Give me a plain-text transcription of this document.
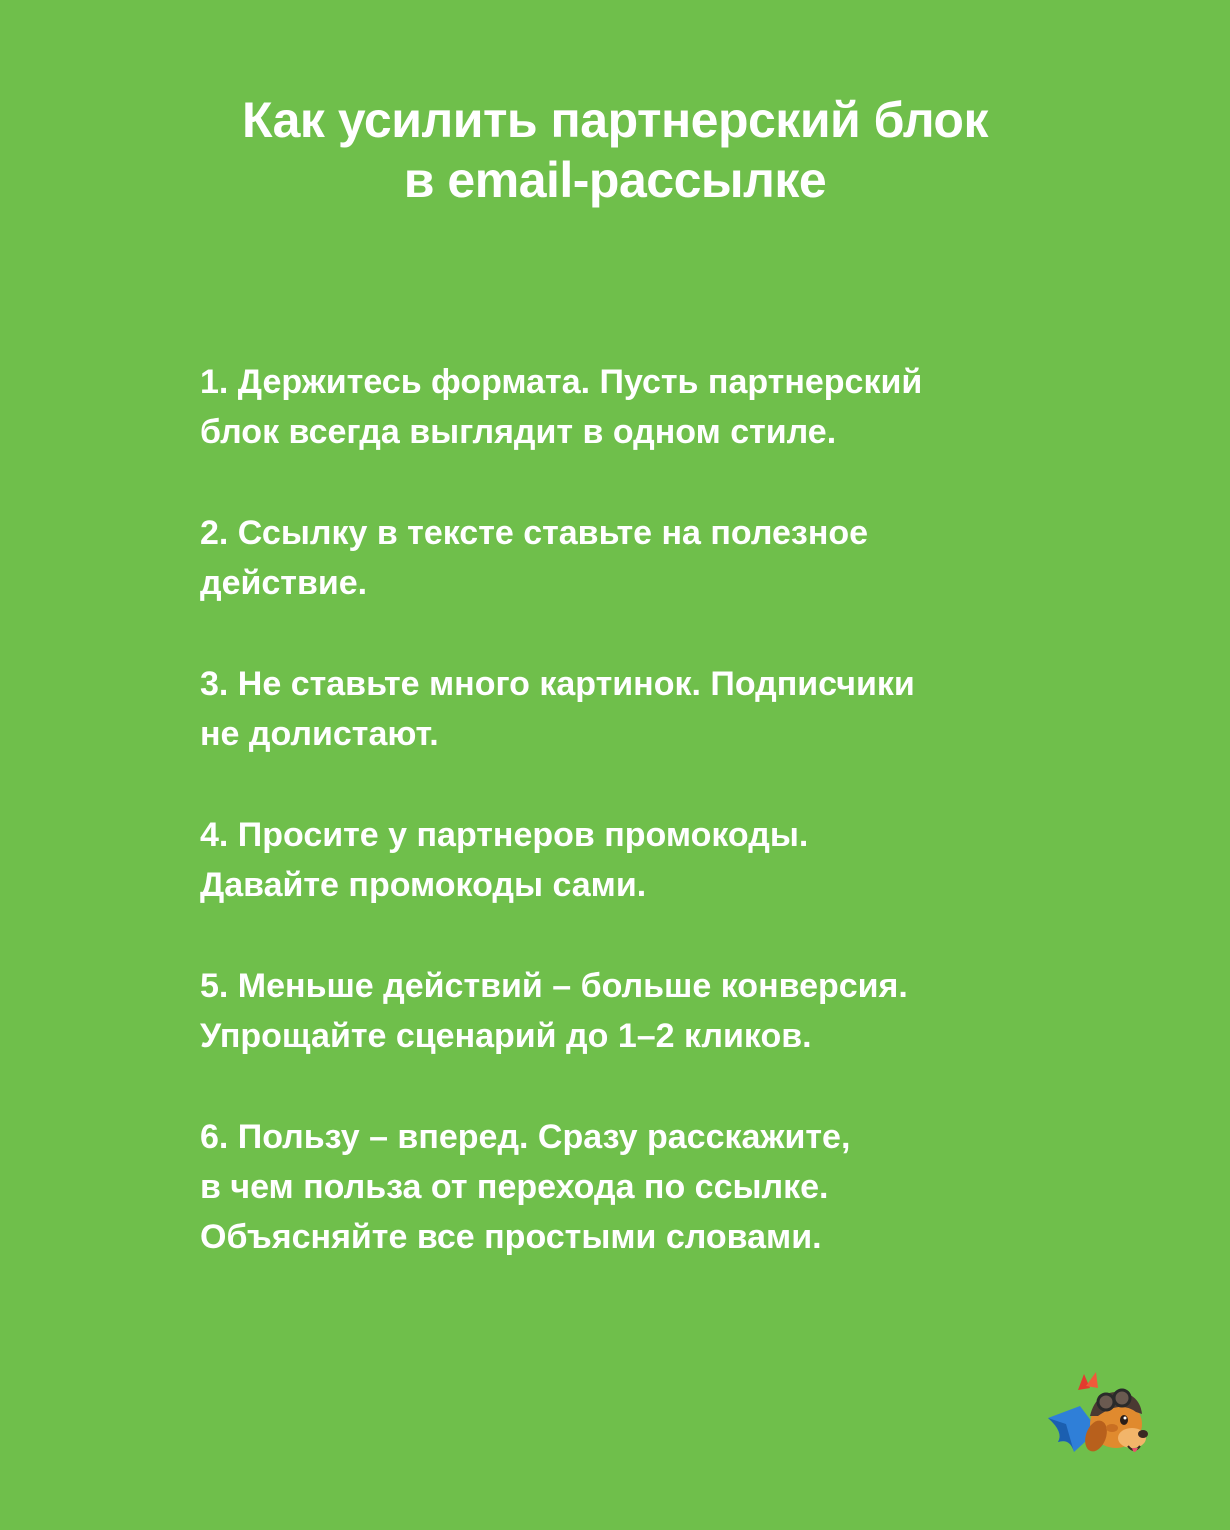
Как усилить партнерский блок
в email-рассылке
1. Держитесь формата. Пусть партнерский
блок всегда выглядит в одном стиле.
2. Ссылку в тексте ставьте на полезное
действие.
3. Не ставьте много картинок. Подписчики
не долистают.
4. Просите у партнеров промокоды.
Давайте промокоды сами.
5. Меньше действий – больше конверсия.
Упрощайте сценарий до 1–2 кликов.
6. Пользу – вперед. Сразу расскажите,
в чем польза от перехода по ссылке.
Объясняйте все простыми словами.
